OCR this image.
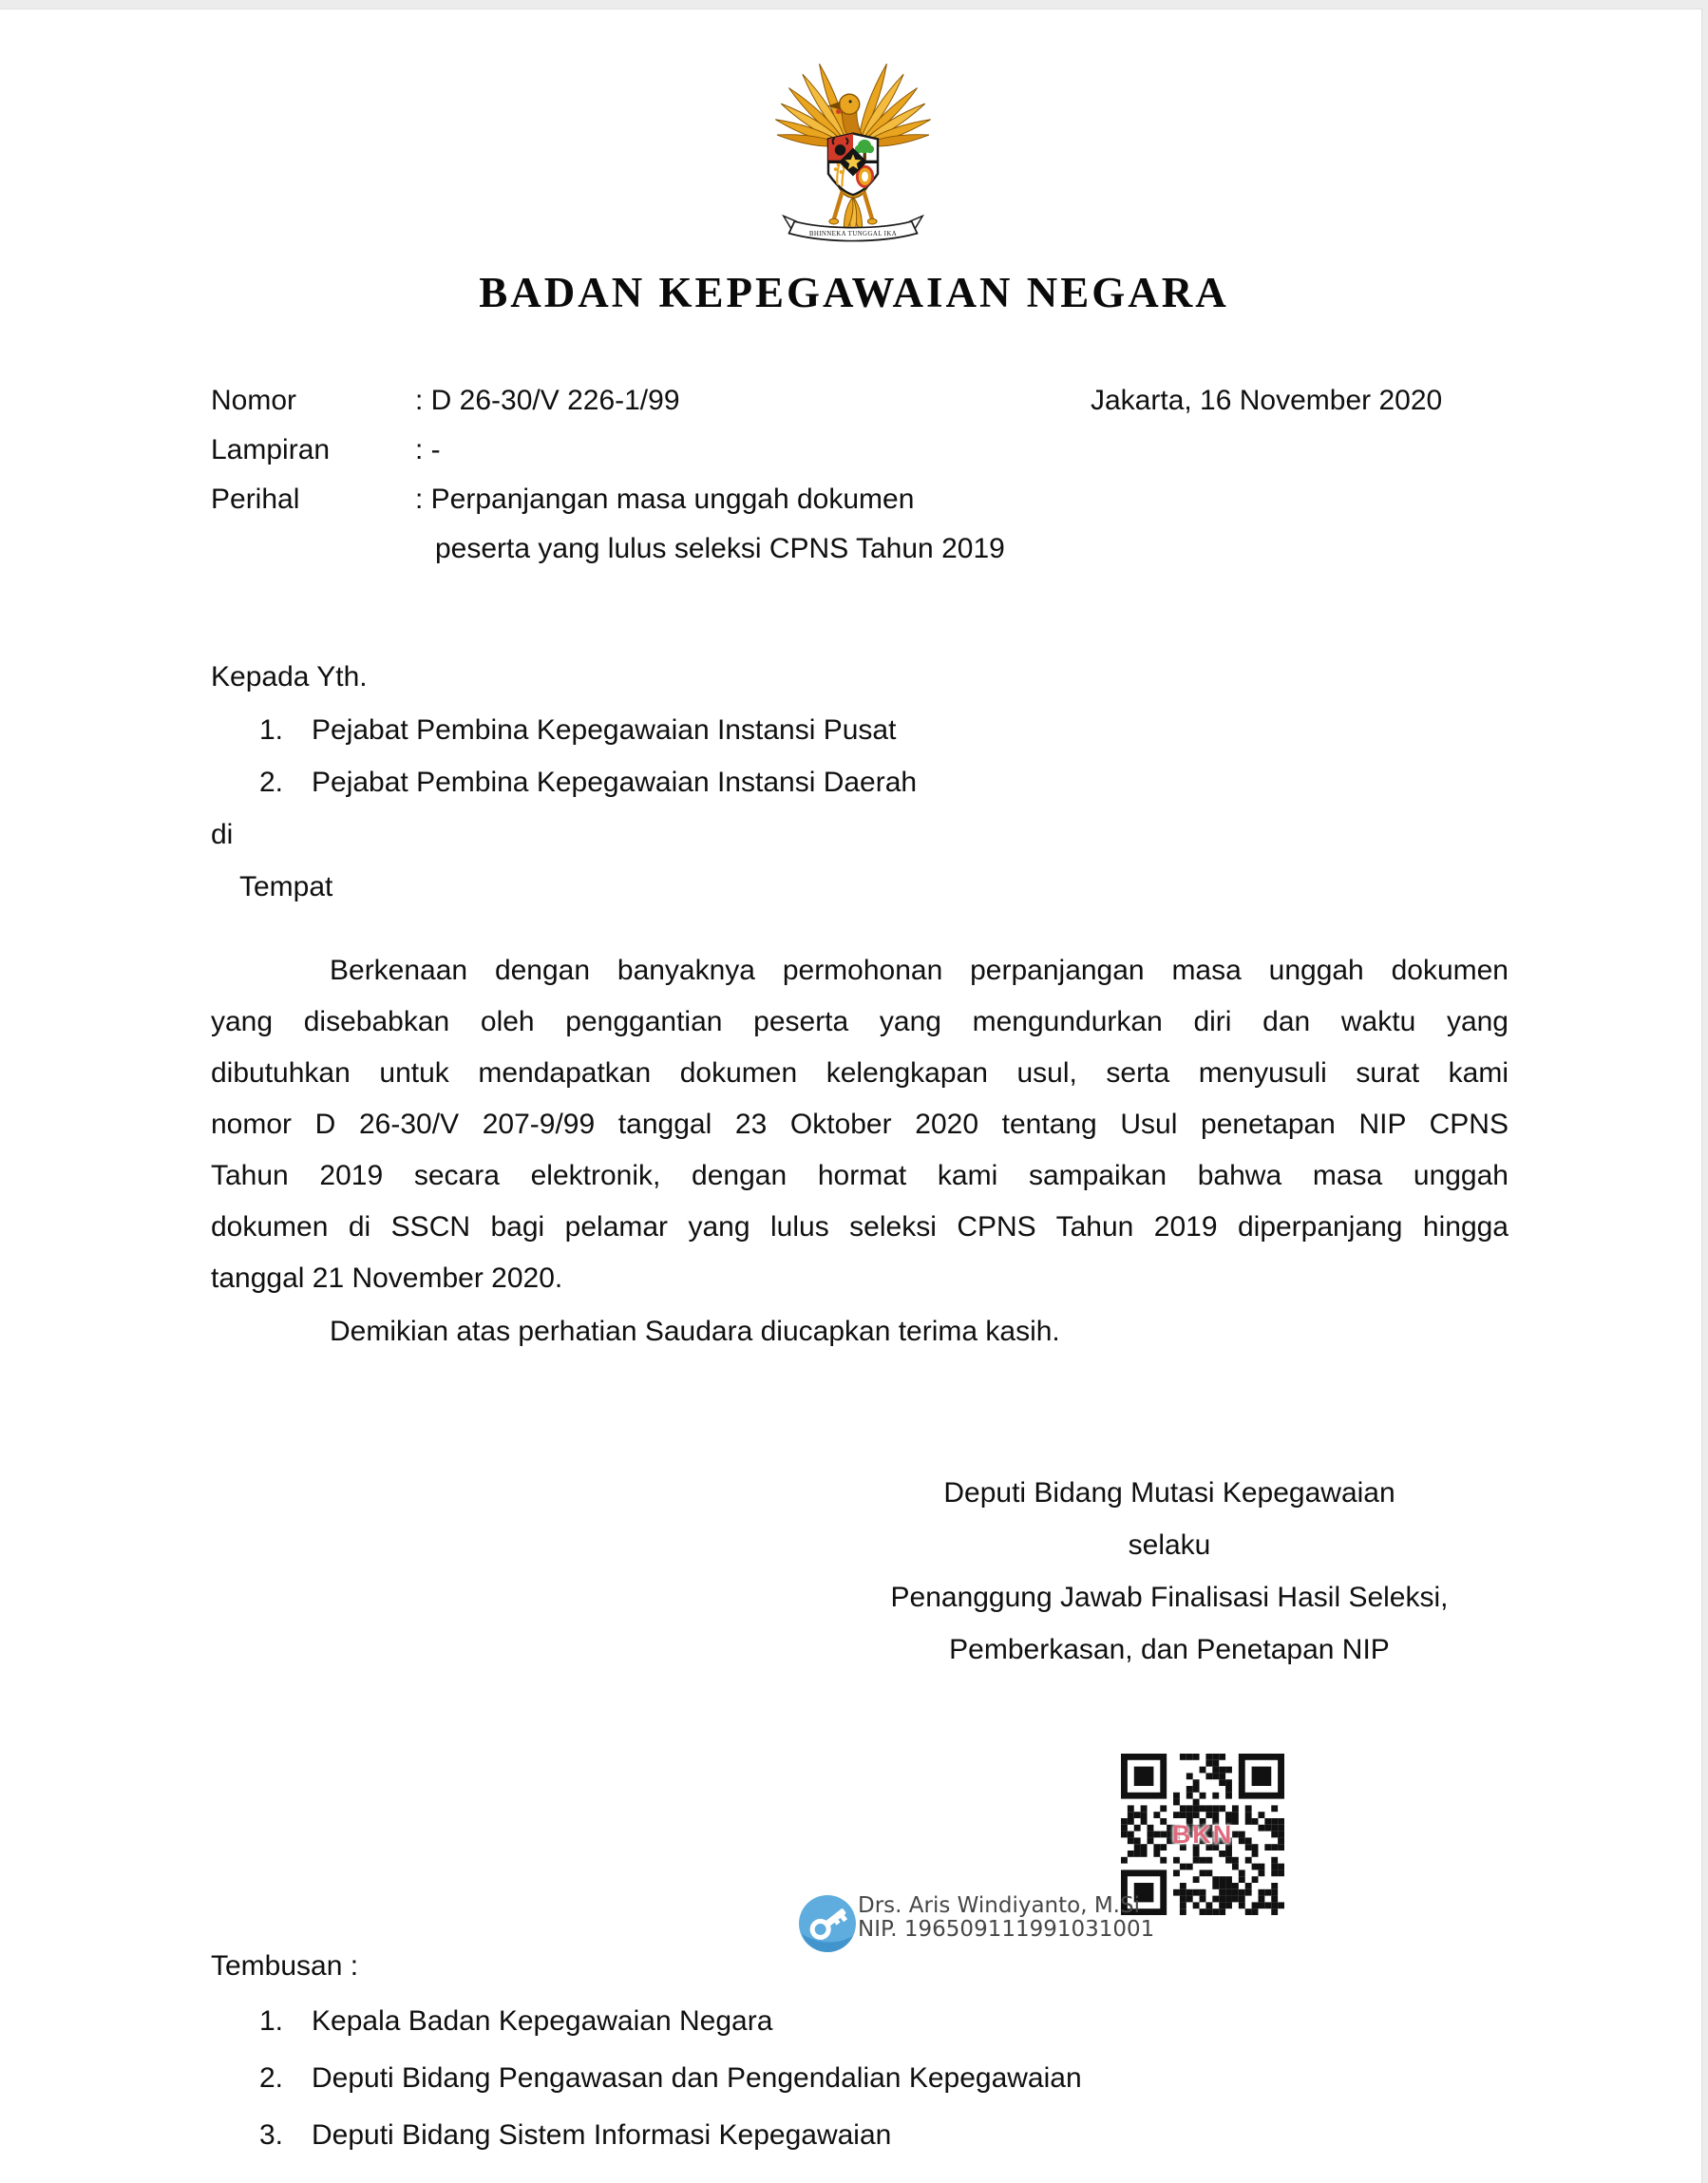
BHINNEKA TUNGGAL IKA
BADAN KEPEGAWAIAN NEGARA
Nomor	: D 26-30/V 226-1/99	Jakarta, 16 November 2020
Lampiran	: -
Perihal	: Perpanjangan masa unggah dokumen
peserta yang lulus seleksi CPNS Tahun 2019
Kepada Yth.
1. Pejabat Pembina Kepegawaian Instansi Pusat
2. Pejabat Pembina Kepegawaian Instansi Daerah
di
Tempat
Berkenaan dengan banyaknya permohonan perpanjangan masa unggah dokumen
yang disebabkan oleh penggantian peserta yang mengundurkan diri dan waktu yang
dibutuhkan untuk mendapatkan dokumen kelengkapan usul, serta menyusuli surat kami
nomor D 26-30/V 207-9/99 tanggal 23 Oktober 2020 tentang Usul penetapan NIP CPNS
Tahun 2019 secara elektronik, dengan hormat kami sampaikan bahwa masa unggah
dokumen di SSCN bagi pelamar yang lulus seleksi CPNS Tahun 2019 diperpanjang hingga
tanggal 21 November 2020.
Demikian atas perhatian Saudara diucapkan terima kasih.
Deputi Bidang Mutasi Kepegawaian
selaku
Penanggung Jawab Finalisasi Hasil Seleksi,
Pemberkasan, dan Penetapan NIP
BKN
Drs. Aris Windiyanto, M.Si
NIP. 196509111991031001
Tembusan :
1. Kepala Badan Kepegawaian Negara
2. Deputi Bidang Pengawasan dan Pengendalian Kepegawaian
3. Deputi Bidang Sistem Informasi Kepegawaian
